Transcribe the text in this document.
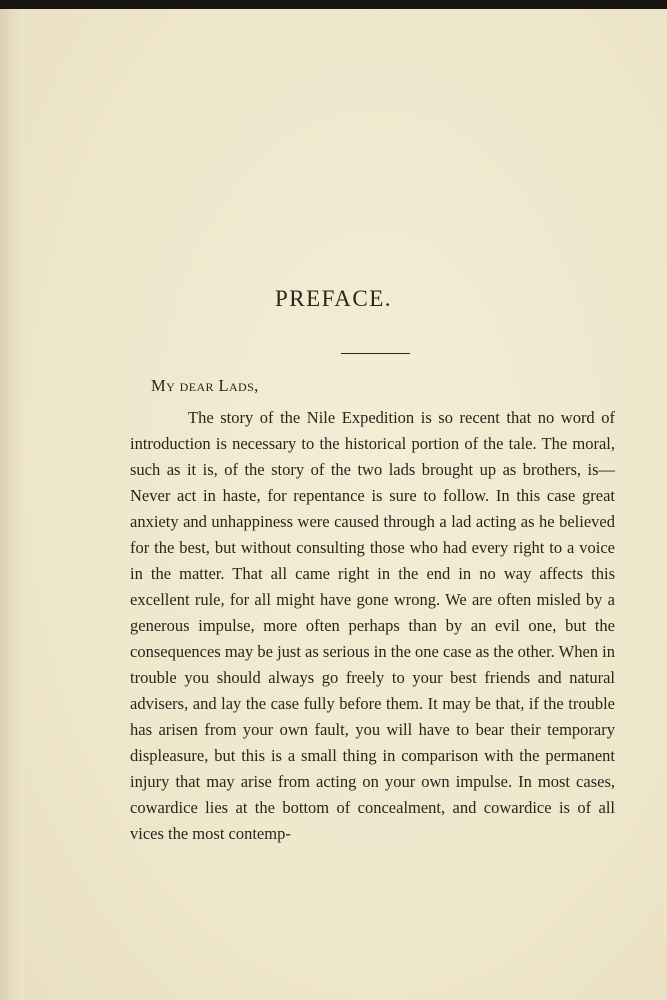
PREFACE.

My dear Lads,

The story of the Nile Expedition is so recent that no word of introduction is necessary to the historical portion of the tale. The moral, such as it is, of the story of the two lads brought up as brothers, is— Never act in haste, for repentance is sure to follow. In this case great anxiety and unhappiness were caused through a lad acting as he believed for the best, but without consulting those who had every right to a voice in the matter. That all came right in the end in no way affects this excellent rule, for all might have gone wrong. We are often misled by a generous impulse, more often perhaps than by an evil one, but the consequences may be just as serious in the one case as the other. When in trouble you should always go freely to your best friends and natural advisers, and lay the case fully before them. It may be that, if the trouble has arisen from your own fault, you will have to bear their temporary displeasure, but this is a small thing in comparison with the permanent injury that may arise from acting on your own impulse. In most cases, cowardice lies at the bottom of concealment, and cowardice is of all vices the most contemp-
